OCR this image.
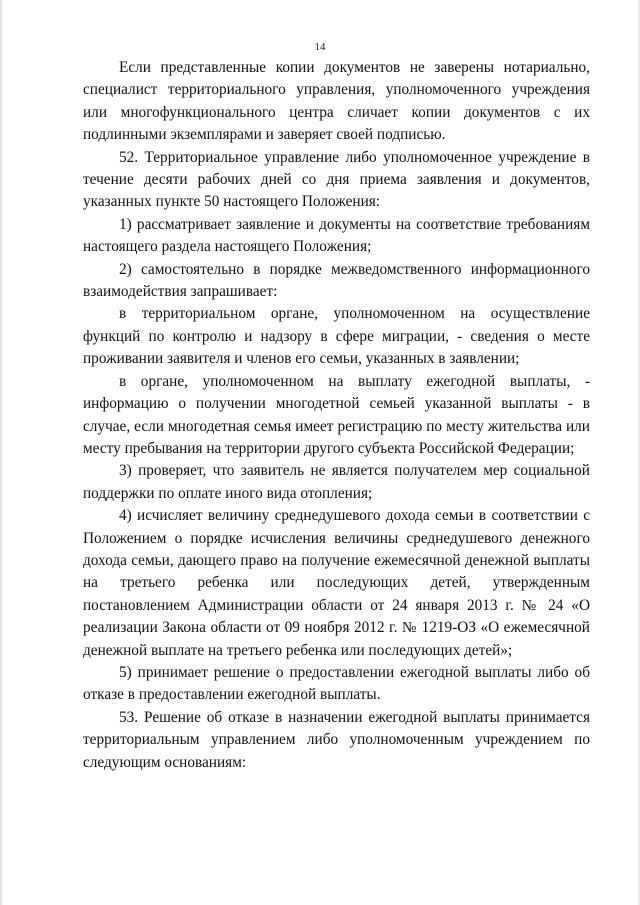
14

Если представленные копии документов не заверены нотариально, специалист территориального управления, уполномоченного учреждения или многофункционального центра сличает копии документов с их подлинными экземплярами и заверяет своей подписью.

52. Территориальное управление либо уполномоченное учреждение в течение десяти рабочих дней со дня приема заявления и документов, указанных пункте 50 настоящего Положения:

1) рассматривает заявление и документы на соответствие требованиям настоящего раздела настоящего Положения;

2) самостоятельно в порядке межведомственного информационного взаимодействия запрашивает:

в территориальном органе, уполномоченном на осуществление функций по контролю и надзору в сфере миграции, - сведения о месте проживании заявителя и членов его семьи, указанных в заявлении;

в органе, уполномоченном на выплату ежегодной выплаты, - информацию о получении многодетной семьей указанной выплаты - в случае, если многодетная семья имеет регистрацию по месту жительства или месту пребывания на территории другого субъекта Российской Федерации;

3) проверяет, что заявитель не является получателем мер социальной поддержки по оплате иного вида отопления;

4) исчисляет величину среднедушевого дохода семьи в соответствии с Положением о порядке исчисления величины среднедушевого денежного дохода семьи, дающего право на получение ежемесячной денежной выплаты на третьего ребенка или последующих детей, утвержденным постановлением Администрации области от 24 января 2013 г. № 24 «О реализации Закона области от 09 ноября 2012 г. № 1219-ОЗ «О ежемесячной денежной выплате на третьего ребенка или последующих детей»;

5) принимает решение о предоставлении ежегодной выплаты либо об отказе в предоставлении ежегодной выплаты.

53. Решение об отказе в назначении ежегодной выплаты принимается территориальным управлением либо уполномоченным учреждением по следующим основаниям:
